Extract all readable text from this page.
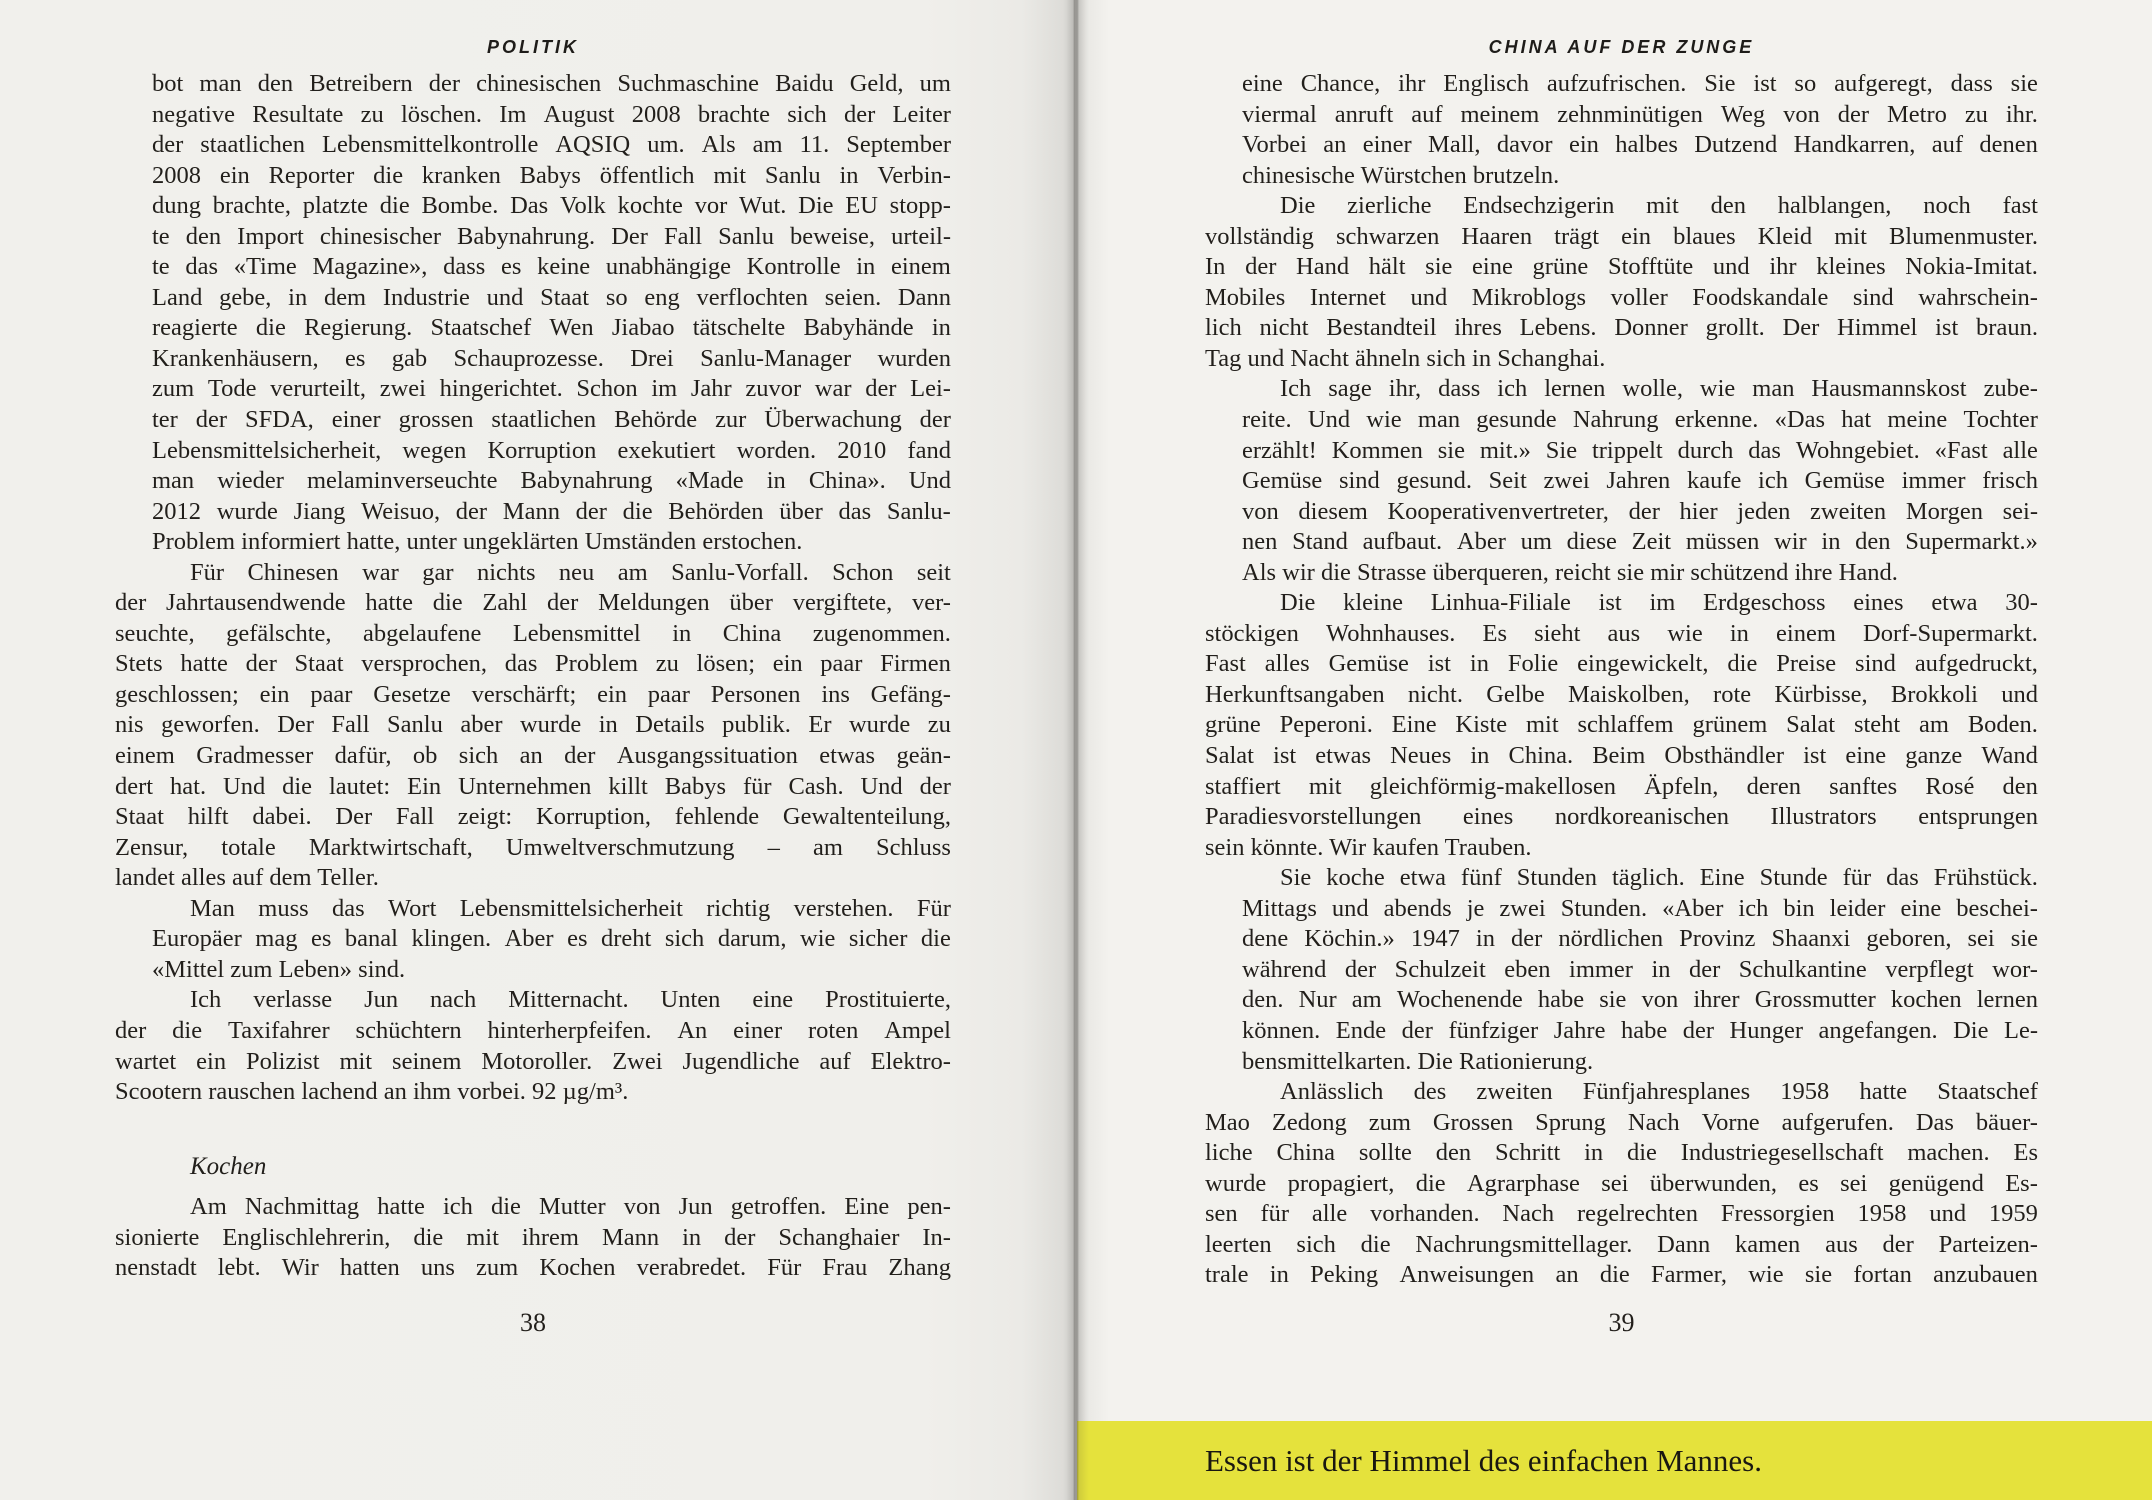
POLITIK
bot man den Betreibern der chinesischen Suchmaschine Baidu Geld, um
negative Resultate zu löschen. Im August 2008 brachte sich der Leiter
der staatlichen Lebensmittelkontrolle AQSIQ um. Als am 11. September
2008 ein Reporter die kranken Babys öffentlich mit Sanlu in Verbin-
dung brachte, platzte die Bombe. Das Volk kochte vor Wut. Die EU stopp-
te den Import chinesischer Babynahrung. Der Fall Sanlu beweise, urteil-
te das «Time Magazine», dass es keine unabhängige Kontrolle in einem
Land gebe, in dem Industrie und Staat so eng verflochten seien. Dann
reagierte die Regierung. Staatschef Wen Jiabao tätschelte Babyhände in
Krankenhäusern, es gab Schauprozesse. Drei Sanlu-Manager wurden
zum Tode verurteilt, zwei hingerichtet. Schon im Jahr zuvor war der Lei-
ter der SFDA, einer grossen staatlichen Behörde zur Überwachung der
Lebensmittelsicherheit, wegen Korruption exekutiert worden. 2010 fand
man wieder melaminverseuchte Babynahrung «Made in China». Und
2012 wurde Jiang Weisuo, der Mann der die Behörden über das Sanlu-
Problem informiert hatte, unter ungeklärten Umständen erstochen.
Für Chinesen war gar nichts neu am Sanlu-Vorfall. Schon seit
der Jahrtausendwende hatte die Zahl der Meldungen über vergiftete, ver-
seuchte, gefälschte, abgelaufene Lebensmittel in China zugenommen.
Stets hatte der Staat versprochen, das Problem zu lösen; ein paar Firmen
geschlossen; ein paar Gesetze verschärft; ein paar Personen ins Gefäng-
nis geworfen. Der Fall Sanlu aber wurde in Details publik. Er wurde zu
einem Gradmesser dafür, ob sich an der Ausgangssituation etwas geän-
dert hat. Und die lautet: Ein Unternehmen killt Babys für Cash. Und der
Staat hilft dabei. Der Fall zeigt: Korruption, fehlende Gewaltenteilung,
Zensur, totale Marktwirtschaft, Umweltverschmutzung – am Schluss
landet alles auf dem Teller.
Man muss das Wort Lebensmittelsicherheit richtig verstehen. Für
Europäer mag es banal klingen. Aber es dreht sich darum, wie sicher die
«Mittel zum Leben» sind.
Ich verlasse Jun nach Mitternacht. Unten eine Prostituierte,
der die Taxifahrer schüchtern hinterherpfeifen. An einer roten Ampel
wartet ein Polizist mit seinem Motoroller. Zwei Jugendliche auf Elektro-
Scootern rauschen lachend an ihm vorbei. 92 µg/m³.
Kochen
Am Nachmittag hatte ich die Mutter von Jun getroffen. Eine pen-
sionierte Englischlehrerin, die mit ihrem Mann in der Schanghaier In-
nenstadt lebt. Wir hatten uns zum Kochen verabredet. Für Frau Zhang
38
CHINA AUF DER ZUNGE
eine Chance, ihr Englisch aufzufrischen. Sie ist so aufgeregt, dass sie
viermal anruft auf meinem zehnminütigen Weg von der Metro zu ihr.
Vorbei an einer Mall, davor ein halbes Dutzend Handkarren, auf denen
chinesische Würstchen brutzeln.
Die zierliche Endsechzigerin mit den halblangen, noch fast
vollständig schwarzen Haaren trägt ein blaues Kleid mit Blumenmuster.
In der Hand hält sie eine grüne Stofftüte und ihr kleines Nokia-Imitat.
Mobiles Internet und Mikroblogs voller Foodskandale sind wahrschein-
lich nicht Bestandteil ihres Lebens. Donner grollt. Der Himmel ist braun.
Tag und Nacht ähneln sich in Schanghai.
Ich sage ihr, dass ich lernen wolle, wie man Hausmannskost zube-
reite. Und wie man gesunde Nahrung erkenne. «Das hat meine Tochter
erzählt! Kommen sie mit.» Sie trippelt durch das Wohngebiet. «Fast alle
Gemüse sind gesund. Seit zwei Jahren kaufe ich Gemüse immer frisch
von diesem Kooperativenvertreter, der hier jeden zweiten Morgen sei-
nen Stand aufbaut. Aber um diese Zeit müssen wir in den Supermarkt.»
Als wir die Strasse überqueren, reicht sie mir schützend ihre Hand.
Die kleine Linhua-Filiale ist im Erdgeschoss eines etwa 30-
stöckigen Wohnhauses. Es sieht aus wie in einem Dorf-Supermarkt.
Fast alles Gemüse ist in Folie eingewickelt, die Preise sind aufgedruckt,
Herkunftsangaben nicht. Gelbe Maiskolben, rote Kürbisse, Brokkoli und
grüne Peperoni. Eine Kiste mit schlaffem grünem Salat steht am Boden.
Salat ist etwas Neues in China. Beim Obsthändler ist eine ganze Wand
staffiert mit gleichförmig-makellosen Äpfeln, deren sanftes Rosé den
Paradiesvorstellungen eines nordkoreanischen Illustrators entsprungen
sein könnte. Wir kaufen Trauben.
Sie koche etwa fünf Stunden täglich. Eine Stunde für das Frühstück.
Mittags und abends je zwei Stunden. «Aber ich bin leider eine beschei-
dene Köchin.» 1947 in der nördlichen Provinz Shaanxi geboren, sei sie
während der Schulzeit eben immer in der Schulkantine verpflegt wor-
den. Nur am Wochenende habe sie von ihrer Grossmutter kochen lernen
können. Ende der fünfziger Jahre habe der Hunger angefangen. Die Le-
bensmittelkarten. Die Rationierung.
Anlässlich des zweiten Fünfjahresplanes 1958 hatte Staatschef
Mao Zedong zum Grossen Sprung Nach Vorne aufgerufen. Das bäuer-
liche China sollte den Schritt in die Industriegesellschaft machen. Es
wurde propagiert, die Agrarphase sei überwunden, es sei genügend Es-
sen für alle vorhanden. Nach regelrechten Fressorgien 1958 und 1959
leerten sich die Nachrungsmittellager. Dann kamen aus der Parteizen-
trale in Peking Anweisungen an die Farmer, wie sie fortan anzubauen
39
Essen ist der Himmel des einfachen Mannes.
